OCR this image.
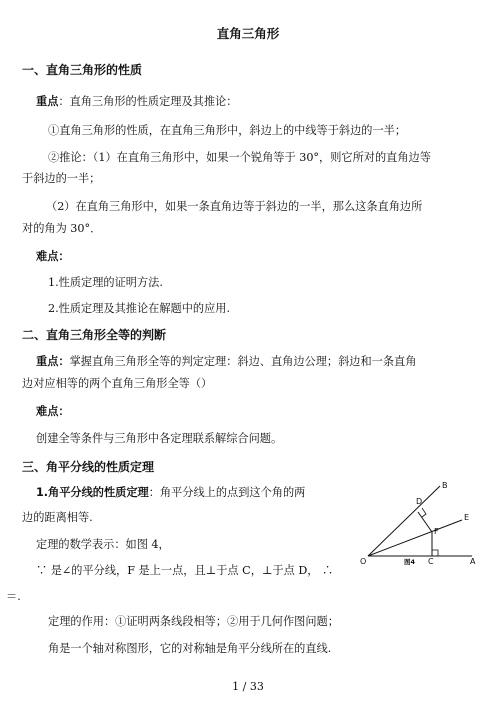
直角三角形
一、直角三角形的性质
重点：直角三角形的性质定理及其推论：
①直角三角形的性质，在直角三角形中，斜边上的中线等于斜边的一半；
②推论：（1）在直角三角形中，如果一个锐角等于 30°，则它所对的直角边等
于斜边的一半；
（2）在直角三角形中，如果一条直角边等于斜边的一半，那么这条直角边所
对的角为 30°．
难点：
1.性质定理的证明方法.
2.性质定理及其推论在解题中的应用.
二、直角三角形全等的判断
重点：掌握直角三角形全等的判定定理：斜边、直角边公理；斜边和一条直角
边对应相等的两个直角三角形全等（）
难点：
创建全等条件与三角形中各定理联系解综合问题。
三、角平分线的性质定理
1.角平分线的性质定理：角平分线上的点到这个角的两
边的距离相等.
定理的数学表示：如图 4，
∵ 是∠的平分线，F 是上一点，且⊥于点 C，⊥于点 D， ∴
＝.
定理的作用：①证明两条线段相等；②用于几何作图问题；
角是一个轴对称图形，它的对称轴是角平分线所在的直线.
B
D
E
F
O	C	A
图4
1 / 33
